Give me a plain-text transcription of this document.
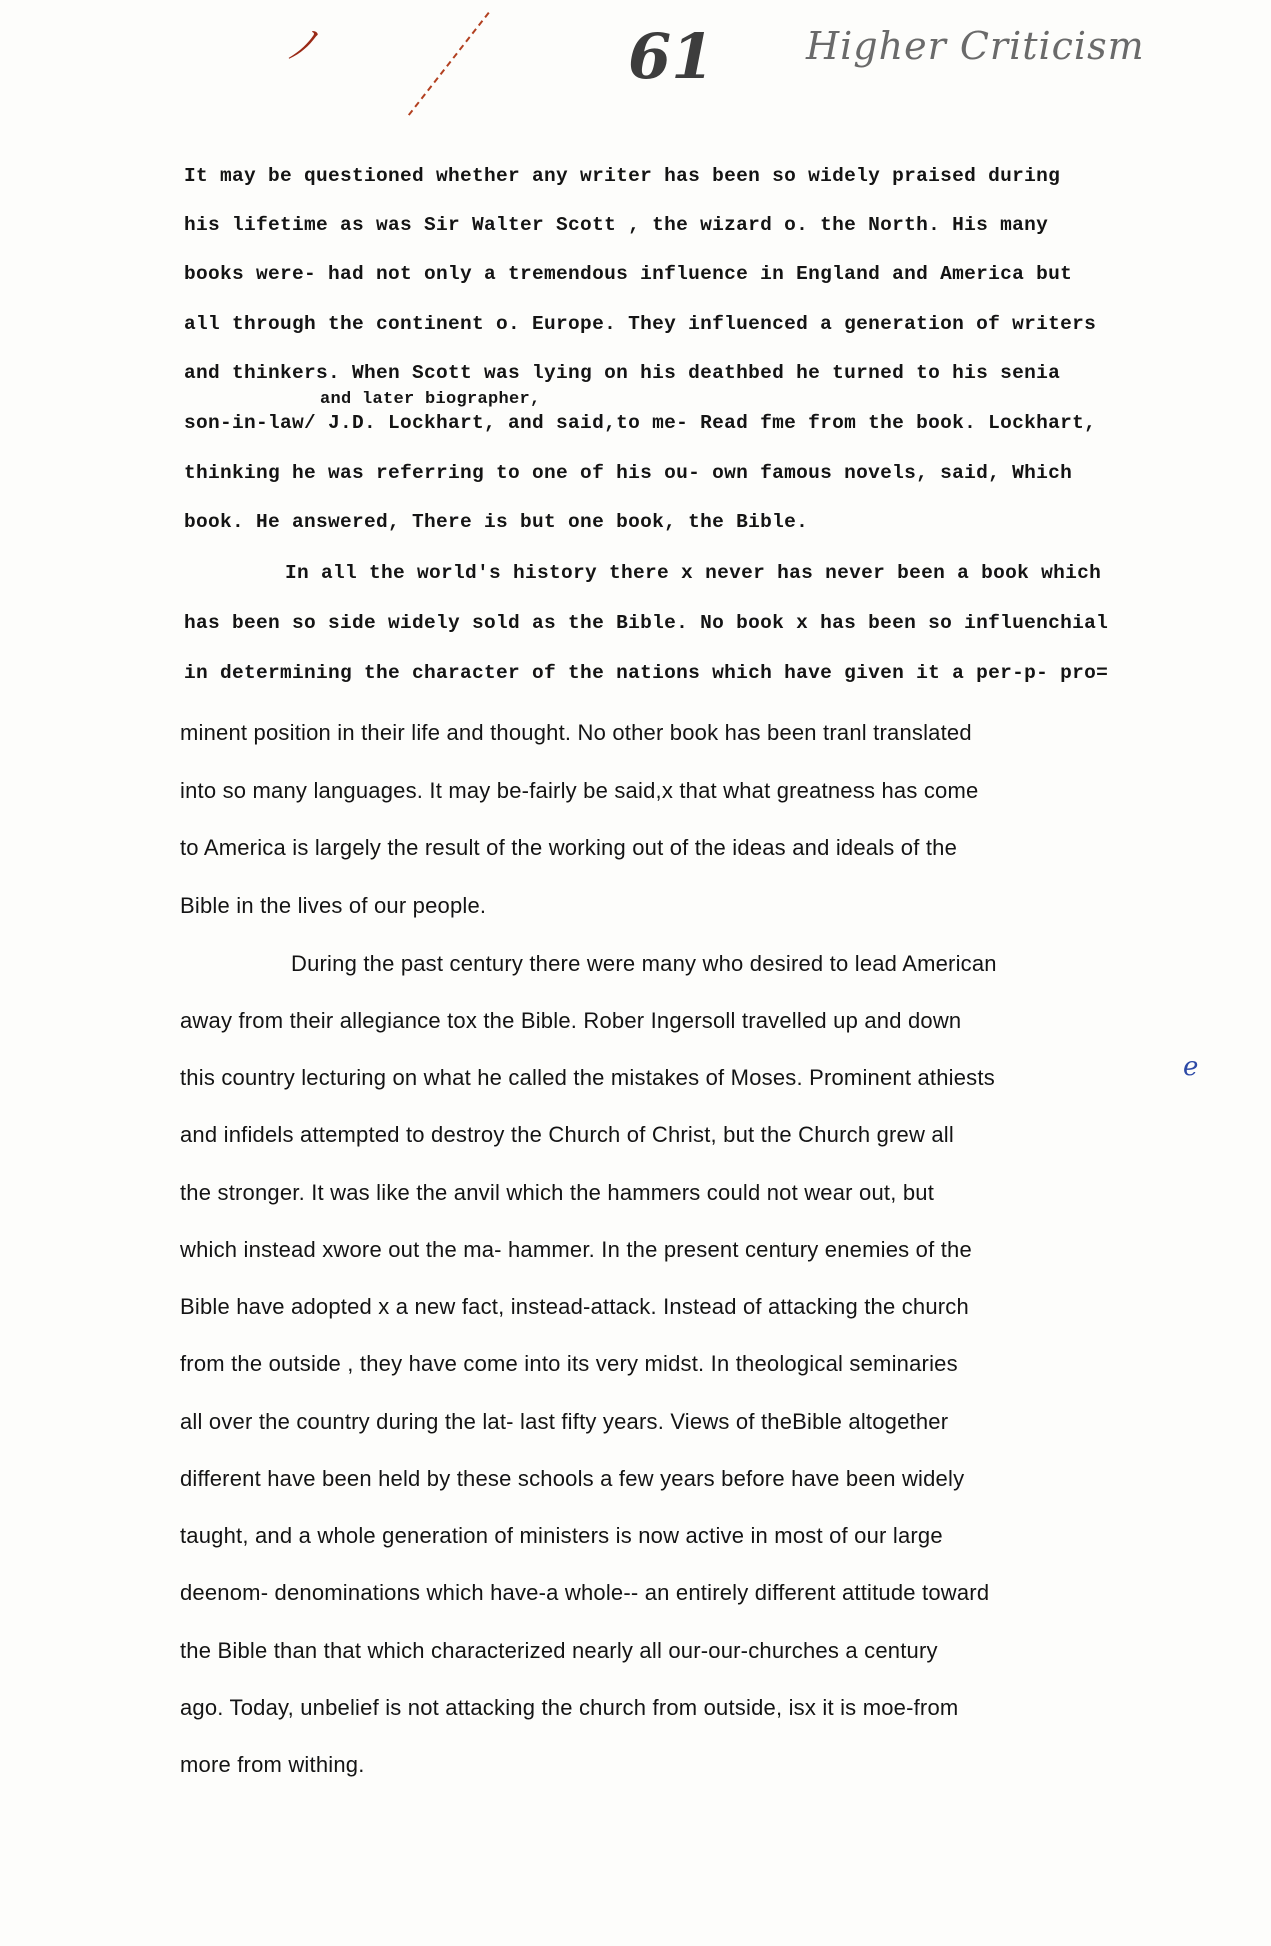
ノ	61 Higher Criticism
It may be questioned whether any writer has been so widely praised during
his lifetime as was Sir Walter Scott , the wizard o. the North. His many
books were- had not only a tremendous influence in England and America but
all through the continent o. Europe. They influenced a generation of writers
and thinkers. When Scott was lying on his deathbed he turned to his senia
and later biographer,
son-in-law/ J.D. Lockhart, and said,to me- Read fme from the book. Lockhart,
thinking he was referring to one of his ou- own famous novels, said, Which
book. He answered, There is but one book, the Bible.
In all the world's history there x never has never been a book which
has been so side widely sold as the Bible. No book x has been so influenchial
in determining the character of the nations which have given it a per-p- pro=
minent position in their life and thought. No other book has been tranl translated
into so many languages. It may be-fairly be said,x that what greatness has come
to America is largely the result of the working out of the ideas and ideals of the
Bible in the lives of our people.
During the past century there were many who desired to lead American
away from their allegiance tox the Bible. Rober Ingersoll travelled up and down
this country lecturing on what he called the mistakes of Moses. Prominent athiests	e
and infidels attempted to destroy the Church of Christ, but the Church grew all
the stronger. It was like the anvil which the hammers could not wear out, but
which instead xwore out the ma- hammer. In the present century enemies of the
Bible have adopted x a new fact, instead-attack. Instead of attacking the church
from the outside , they have come into its very midst. In theological seminaries
all over the country during the lat- last fifty years. Views of theBible altogether
different have been held by these schools a few years before have been widely
taught, and a whole generation of ministers is now active in most of our large
deenom- denominations which have-a whole-- an entirely different attitude toward
the Bible than that which characterized nearly all our-our-churches a century
ago. Today, unbelief is not attacking the church from outside, isx it is moe-from
more from withing.
